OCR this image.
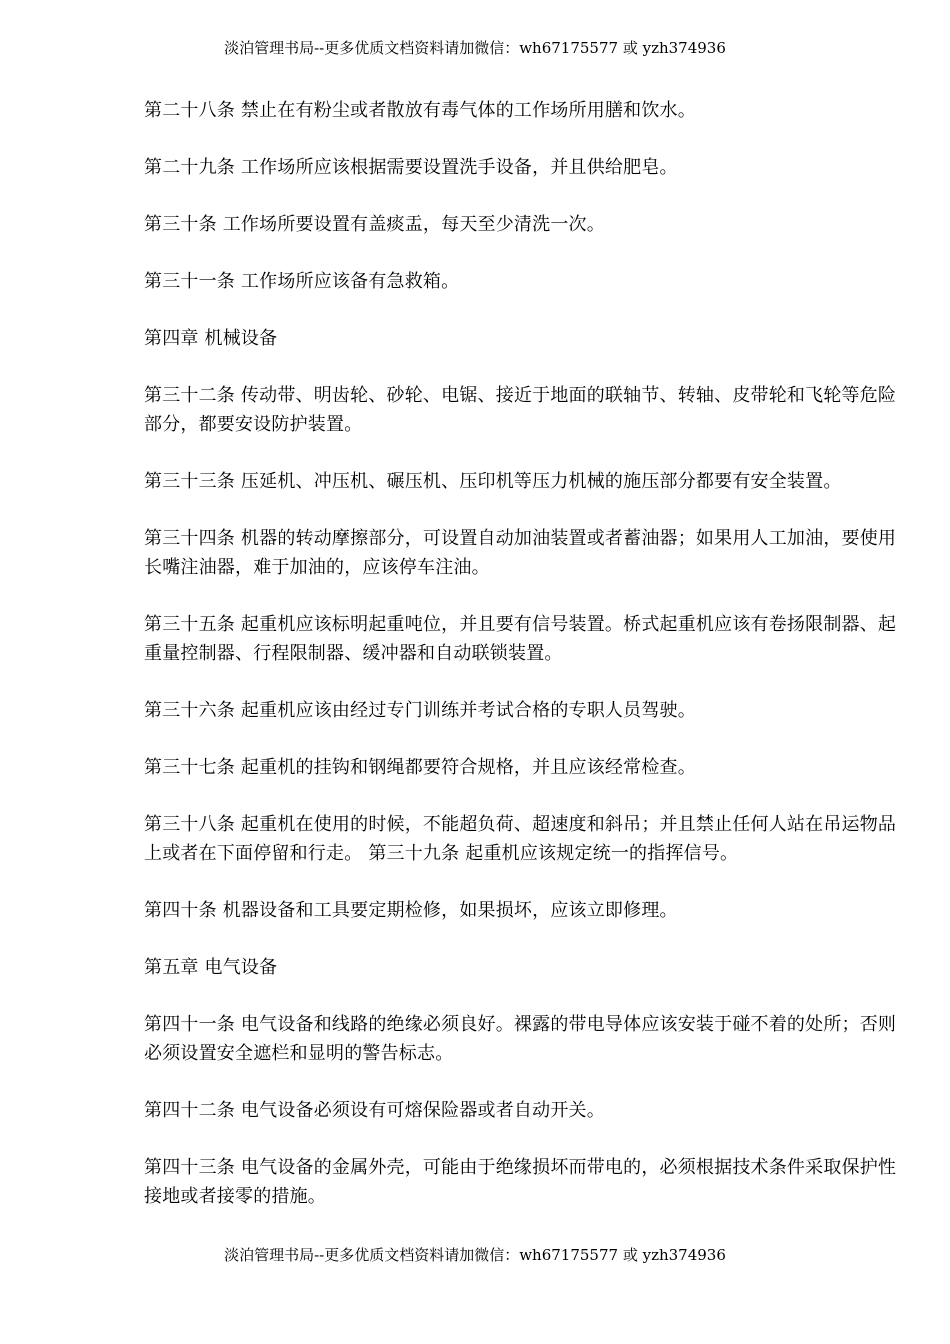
淡泊管理书局--更多优质文档资料请加微信：wh67175577 或 yzh374936

第二十八条 禁止在有粉尘或者散放有毒气体的工作场所用膳和饮水。

第二十九条 工作场所应该根据需要设置洗手设备，并且供给肥皂。

第三十条 工作场所要设置有盖痰盂，每天至少清洗一次。

第三十一条 工作场所应该备有急救箱。

第四章 机械设备

第三十二条 传动带、明齿轮、砂轮、电锯、接近于地面的联轴节、转轴、皮带轮和飞轮等危险部分，都要安设防护装置。

第三十三条 压延机、冲压机、碾压机、压印机等压力机械的施压部分都要有安全装置。

第三十四条 机器的转动摩擦部分，可设置自动加油装置或者蓄油器；如果用人工加油，要使用长嘴注油器，难于加油的，应该停车注油。

第三十五条 起重机应该标明起重吨位，并且要有信号装置。桥式起重机应该有卷扬限制器、起重量控制器、行程限制器、缓冲器和自动联锁装置。

第三十六条 起重机应该由经过专门训练并考试合格的专职人员驾驶。

第三十七条 起重机的挂钩和钢绳都要符合规格，并且应该经常检查。

第三十八条 起重机在使用的时候，不能超负荷、超速度和斜吊；并且禁止任何人站在吊运物品上或者在下面停留和行走。 第三十九条 起重机应该规定统一的指挥信号。

第四十条 机器设备和工具要定期检修，如果损坏，应该立即修理。

第五章 电气设备

第四十一条 电气设备和线路的绝缘必须良好。裸露的带电导体应该安装于碰不着的处所；否则必须设置安全遮栏和显明的警告标志。

第四十二条 电气设备必须设有可熔保险器或者自动开关。

第四十三条 电气设备的金属外壳，可能由于绝缘损坏而带电的，必须根据技术条件采取保护性接地或者接零的措施。

淡泊管理书局--更多优质文档资料请加微信：wh67175577 或 yzh374936
